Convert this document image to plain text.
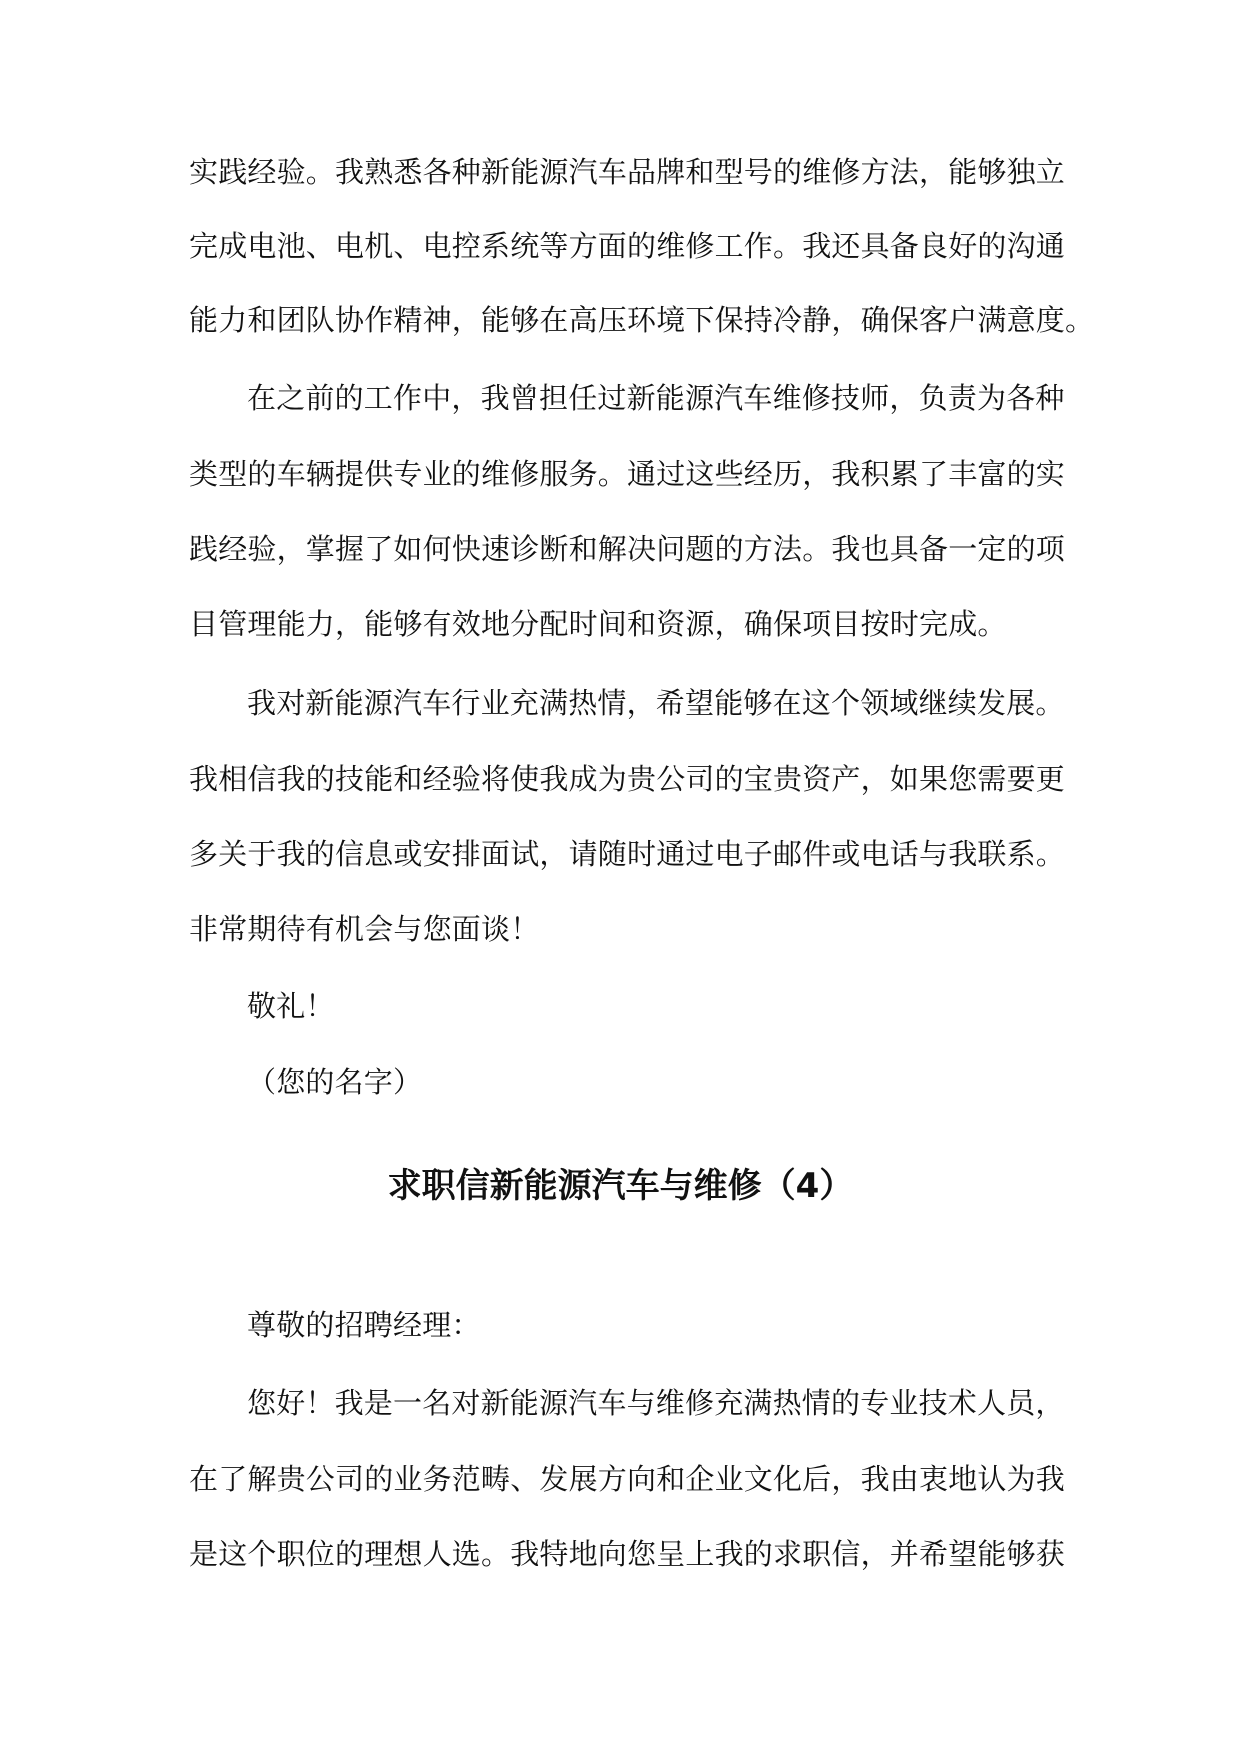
实践经验。我熟悉各种新能源汽车品牌和型号的维修方法，能够独立
完成电池、电机、电控系统等方面的维修工作。我还具备良好的沟通
能力和团队协作精神，能够在高压环境下保持冷静，确保客户满意度。
在之前的工作中，我曾担任过新能源汽车维修技师，负责为各种
类型的车辆提供专业的维修服务。通过这些经历，我积累了丰富的实
践经验，掌握了如何快速诊断和解决问题的方法。我也具备一定的项
目管理能力，能够有效地分配时间和资源，确保项目按时完成。
我对新能源汽车行业充满热情，希望能够在这个领域继续发展。
我相信我的技能和经验将使我成为贵公司的宝贵资产，如果您需要更
多关于我的信息或安排面试，请随时通过电子邮件或电话与我联系。
非常期待有机会与您面谈！
敬礼！
（您的名字）
求职信新能源汽车与维修（4）
尊敬的招聘经理：
您好！我是一名对新能源汽车与维修充满热情的专业技术人员，
在了解贵公司的业务范畴、发展方向和企业文化后，我由衷地认为我
是这个职位的理想人选。我特地向您呈上我的求职信，并希望能够获
